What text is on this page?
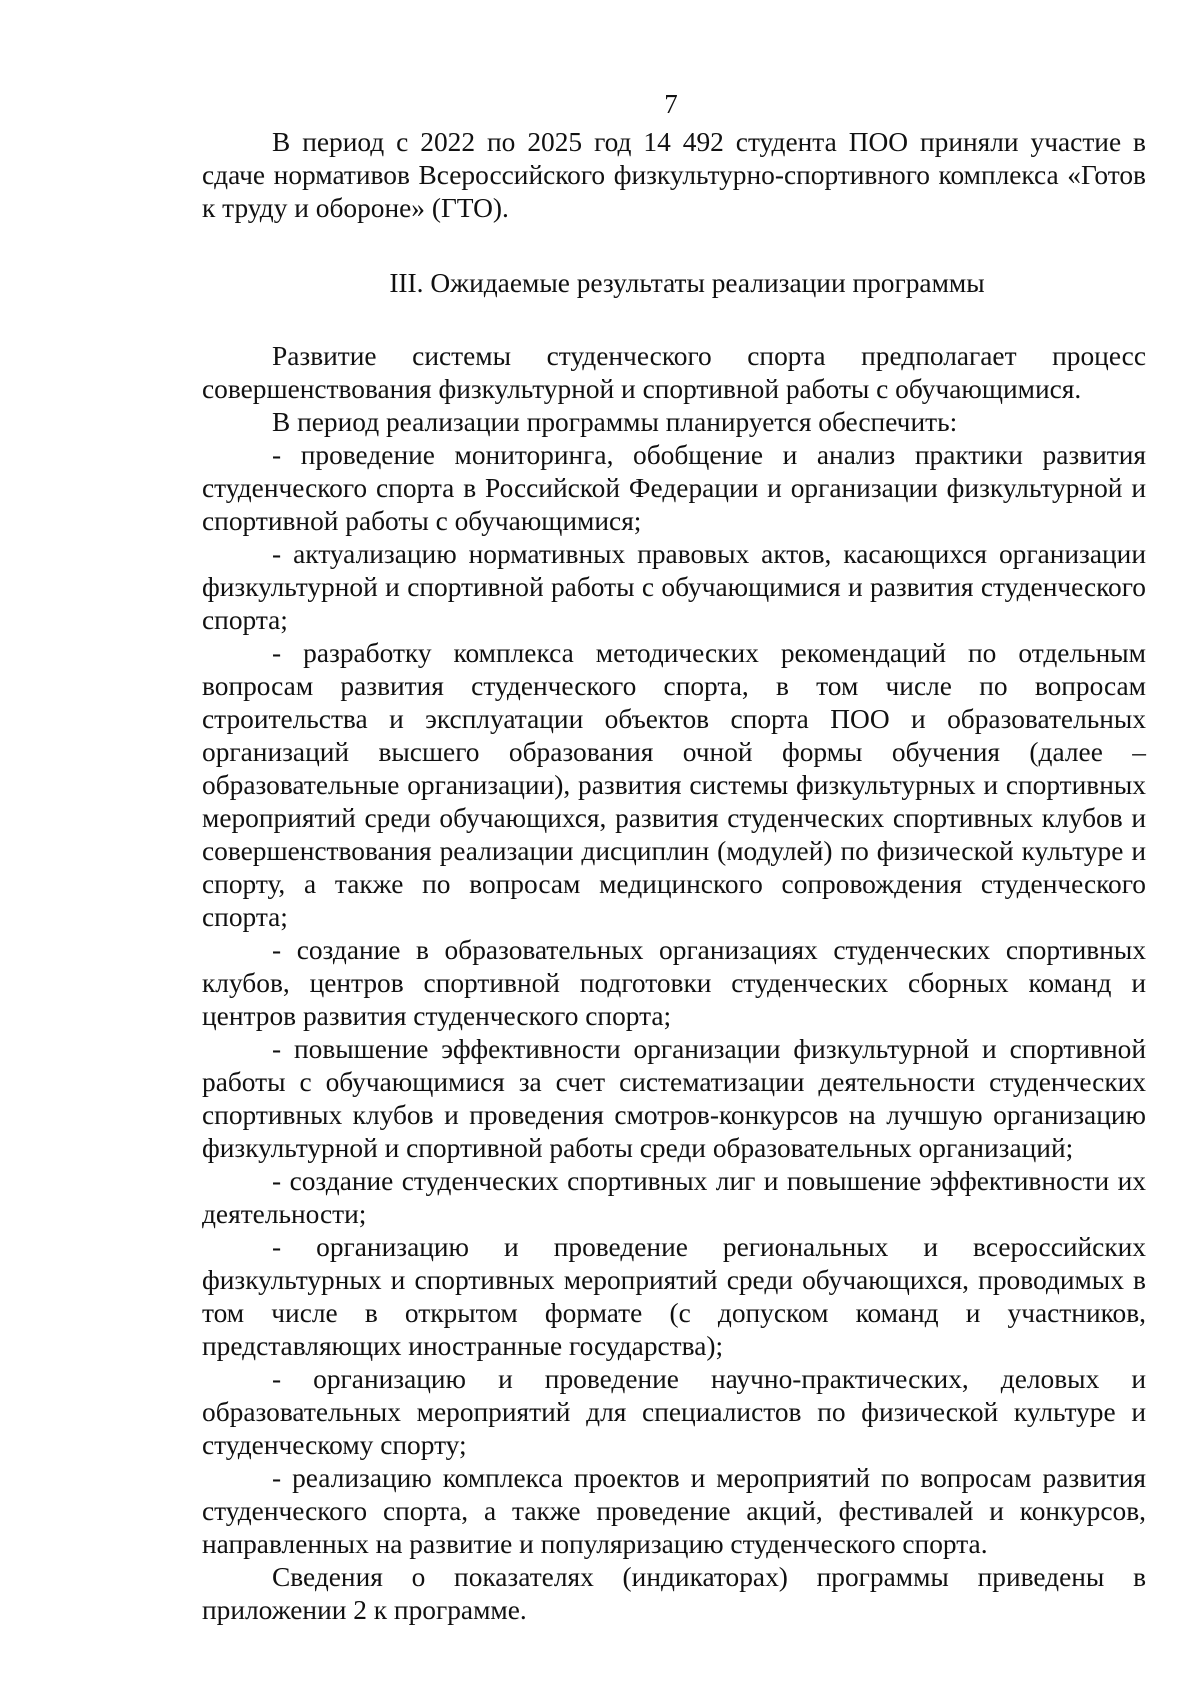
7

В период с 2022 по 2025 год 14 492 студента ПОО приняли участие в сдаче нормативов Всероссийского физкультурно-спортивного комплекса «Готов к труду и обороне» (ГТО).

III. Ожидаемые результаты реализации программы

Развитие системы студенческого спорта предполагает процесс совершенствования физкультурной и спортивной работы с обучающимися.

В период реализации программы планируется обеспечить:

- проведение мониторинга, обобщение и анализ практики развития студенческого спорта в Российской Федерации и организации физкультурной и спортивной работы с обучающимися;

- актуализацию нормативных правовых актов, касающихся организации физкультурной и спортивной работы с обучающимися и развития студенческого спорта;

- разработку комплекса методических рекомендаций по отдельным вопросам развития студенческого спорта, в том числе по вопросам строительства и эксплуатации объектов спорта ПОО и образовательных организаций высшего образования очной формы обучения (далее – образовательные организации), развития системы физкультурных и спортивных мероприятий среди обучающихся, развития студенческих спортивных клубов и совершенствования реализации дисциплин (модулей) по физической культуре и спорту, а также по вопросам медицинского сопровождения студенческого спорта;

- создание в образовательных организациях студенческих спортивных клубов, центров спортивной подготовки студенческих сборных команд и центров развития студенческого спорта;

- повышение эффективности организации физкультурной и спортивной работы с обучающимися за счет систематизации деятельности студенческих спортивных клубов и проведения смотров-конкурсов на лучшую организацию физкультурной и спортивной работы среди образовательных организаций;

- создание студенческих спортивных лиг и повышение эффективности их деятельности;

- организацию и проведение региональных и всероссийских физкультурных и спортивных мероприятий среди обучающихся, проводимых в том числе в открытом формате (с допуском команд и участников, представляющих иностранные государства);

- организацию и проведение научно-практических, деловых и образовательных мероприятий для специалистов по физической культуре и студенческому спорту;

- реализацию комплекса проектов и мероприятий по вопросам развития студенческого спорта, а также проведение акций, фестивалей и конкурсов, направленных на развитие и популяризацию студенческого спорта.

Сведения о показателях (индикаторах) программы приведены в приложении 2 к программе.
